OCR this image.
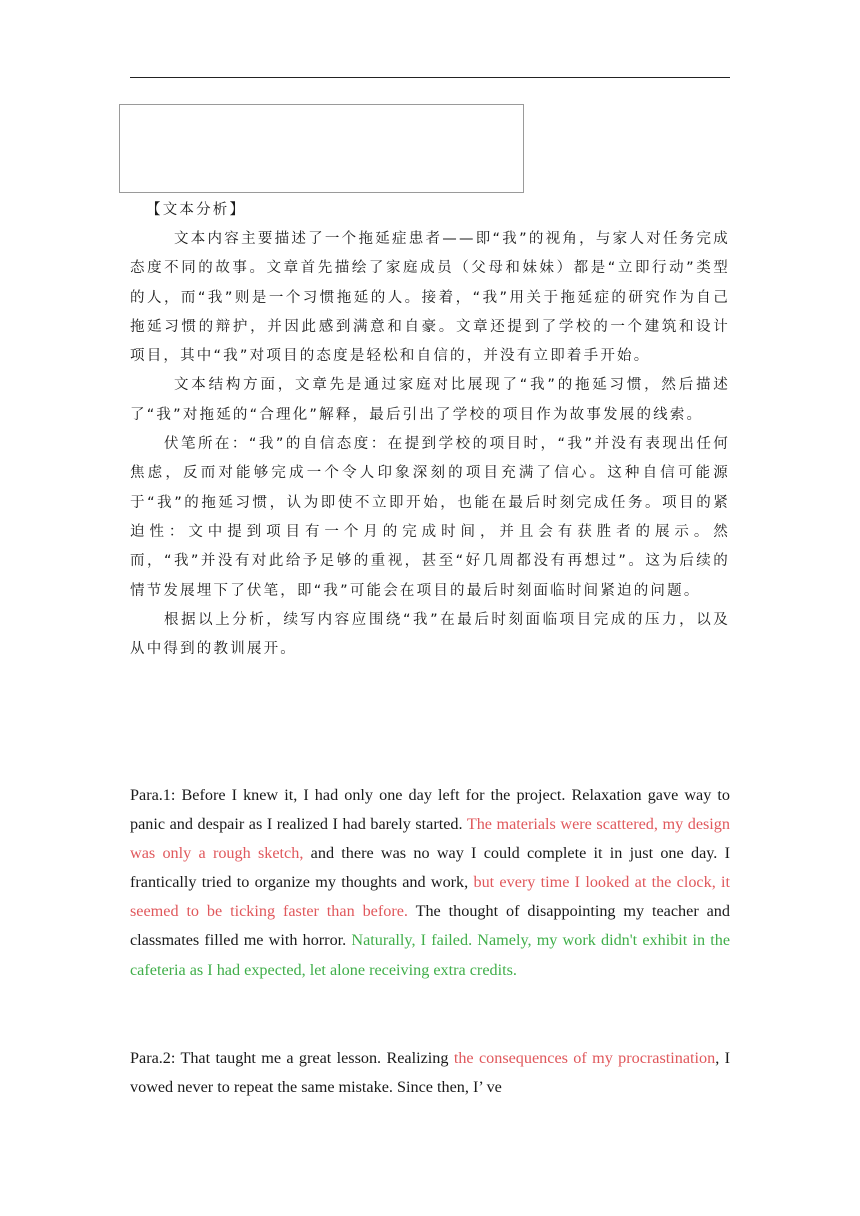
【文本分析】

文本内容主要描述了一个拖延症患者——即“我”的视角，与家人对任务完成态度不同的故事。文章首先描绘了家庭成员（父母和妹妹）都是“立即行动”类型的人，而“我”则是一个习惯拖延的人。接着，“我”用关于拖延症的研究作为自己拖延习惯的辩护，并因此感到满意和自豪。文章还提到了学校的一个建筑和设计项目，其中“我”对项目的态度是轻松和自信的，并没有立即着手开始。

文本结构方面，文章先是通过家庭对比展现了“我”的拖延习惯，然后描述了“我”对拖延的“合理化”解释，最后引出了学校的项目作为故事发展的线索。

伏笔所在：“我”的自信态度：在提到学校的项目时，“我”并没有表现出任何焦虑，反而对能够完成一个令人印象深刻的项目充满了信心。这种自信可能源于“我”的拖延习惯，认为即使不立即开始，也能在最后时刻完成任务。项目的紧迫性：文中提到项目有一个月的完成时间，并且会有获胜者的展示。然而，“我”并没有对此给予足够的重视，甚至“好几周都没有再想过”。这为后续的情节发展埋下了伏笔，即“我”可能会在项目的最后时刻面临时间紧迫的问题。

根据以上分析，续写内容应围绕“我”在最后时刻面临项目完成的压力，以及从中得到的教训展开。

Para.1: Before I knew it, I had only one day left for the project. Relaxation gave way to panic and despair as I realized I had barely started. The materials were scattered, my design was only a rough sketch, and there was no way I could complete it in just one day. I frantically tried to organize my thoughts and work, but every time I looked at the clock, it seemed to be ticking faster than before. The thought of disappointing my teacher and classmates filled me with horror. Naturally, I failed. Namely, my work didn't exhibit in the cafeteria as I had expected, let alone receiving extra credits.

Para.2: That taught me a great lesson. Realizing the consequences of my procrastination, I vowed never to repeat the same mistake. Since then, I’ ve
